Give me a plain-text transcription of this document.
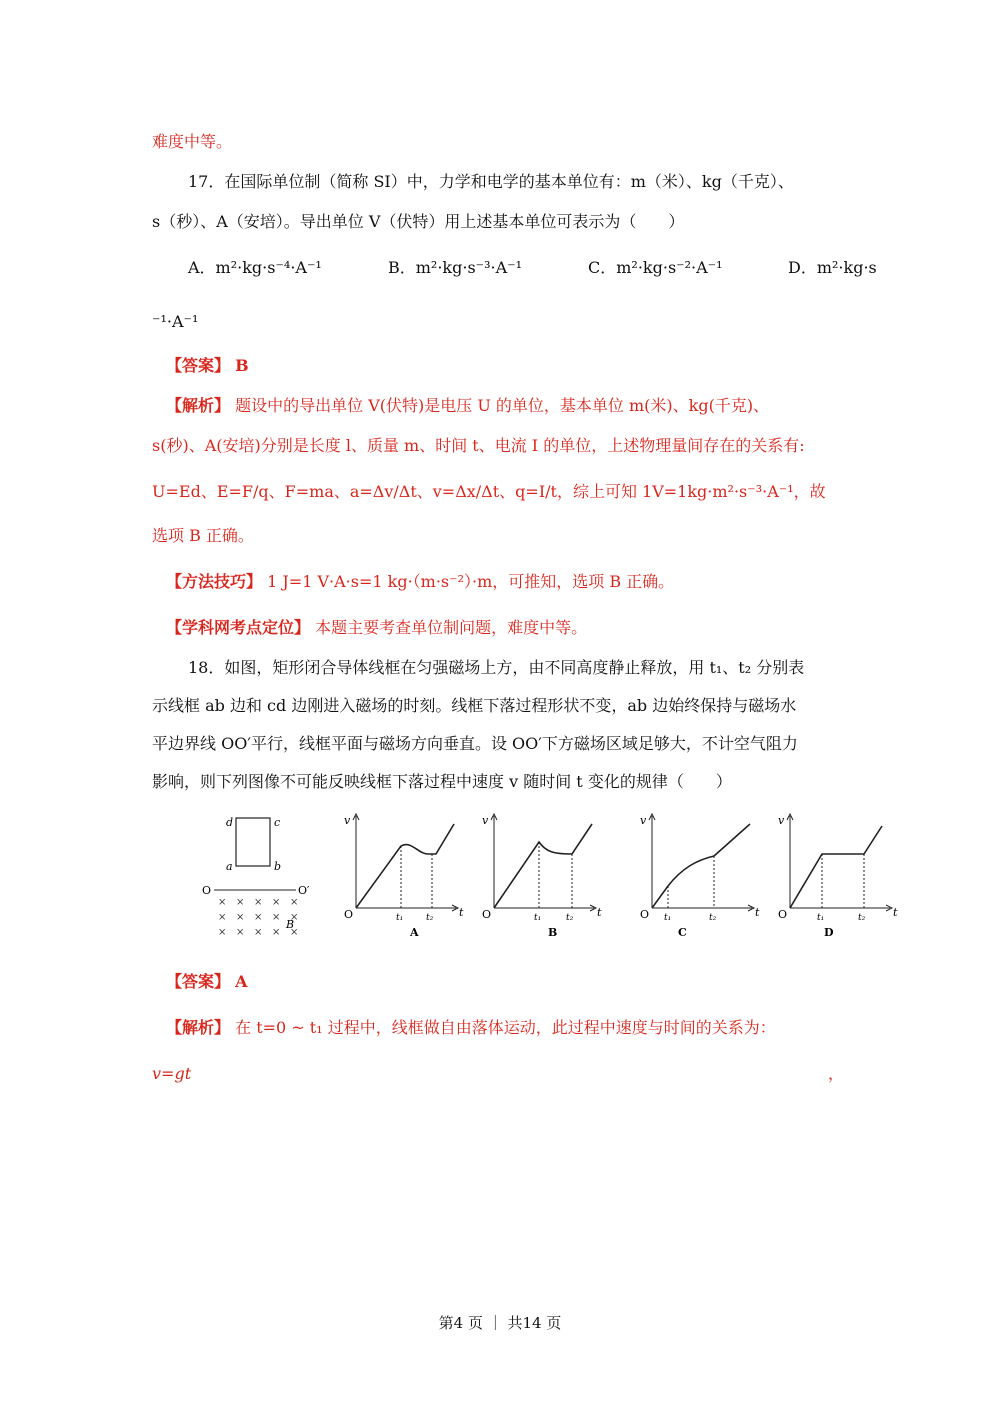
难度中等。
17．在国际单位制（简称 SI）中，力学和电学的基本单位有：m（米）、kg（千克）、
s（秒）、A（安培）。导出单位 V（伏特）用上述基本单位可表示为（　　）
A．m²·kg·s⁻⁴·A⁻¹	B．m²·kg·s⁻³·A⁻¹	C．m²·kg·s⁻²·A⁻¹	D．m²·kg·s
⁻¹·A⁻¹
【答案】 B
【解析】 题设中的导出单位 V(伏特)是电压 U 的单位，基本单位 m(米)、kg(千克)、
s(秒)、A(安培)分别是长度 l、质量 m、时间 t、电流 I 的单位，上述物理量间存在的关系有:
U=Ed、E=F/q、F=ma、a=Δv/Δt、v=Δx/Δt、q=I/t，综上可知 1V=1kg·m²·s⁻³·A⁻¹，故
选项 B 正确。
【方法技巧】 1 J=1 V·A·s=1 kg·（m·s⁻²）·m，可推知，选项 B 正确。
【学科网考点定位】 本题主要考查单位制问题，难度中等。
18．如图，矩形闭合导体线框在匀强磁场上方，由不同高度静止释放，用 t₁、t₂ 分别表
示线框 ab 边和 cd 边刚进入磁场的时刻。线框下落过程形状不变，ab 边始终保持与磁场水
平边界线 OO′平行，线框平面与磁场方向垂直。设 OO′下方磁场区域足够大，不计空气阻力
影响，则下列图像不可能反映线框下落过程中速度 v 随时间 t 变化的规律（　　）
d	c
a	b
O	O′
× × × × ×
× × × × ×
× × × × ×
B
v
O	t
t₁	t₂
A
v
O	t
t₁	t₂
B
v
O	t
t₁	t₂
C
v
O	t
t₁	t₂
D
【答案】 A
【解析】 在 t=0 ~ t₁ 过程中，线框做自由落体运动，此过程中速度与时间的关系为：
v=gt	，
第4 页 ｜ 共14 页
